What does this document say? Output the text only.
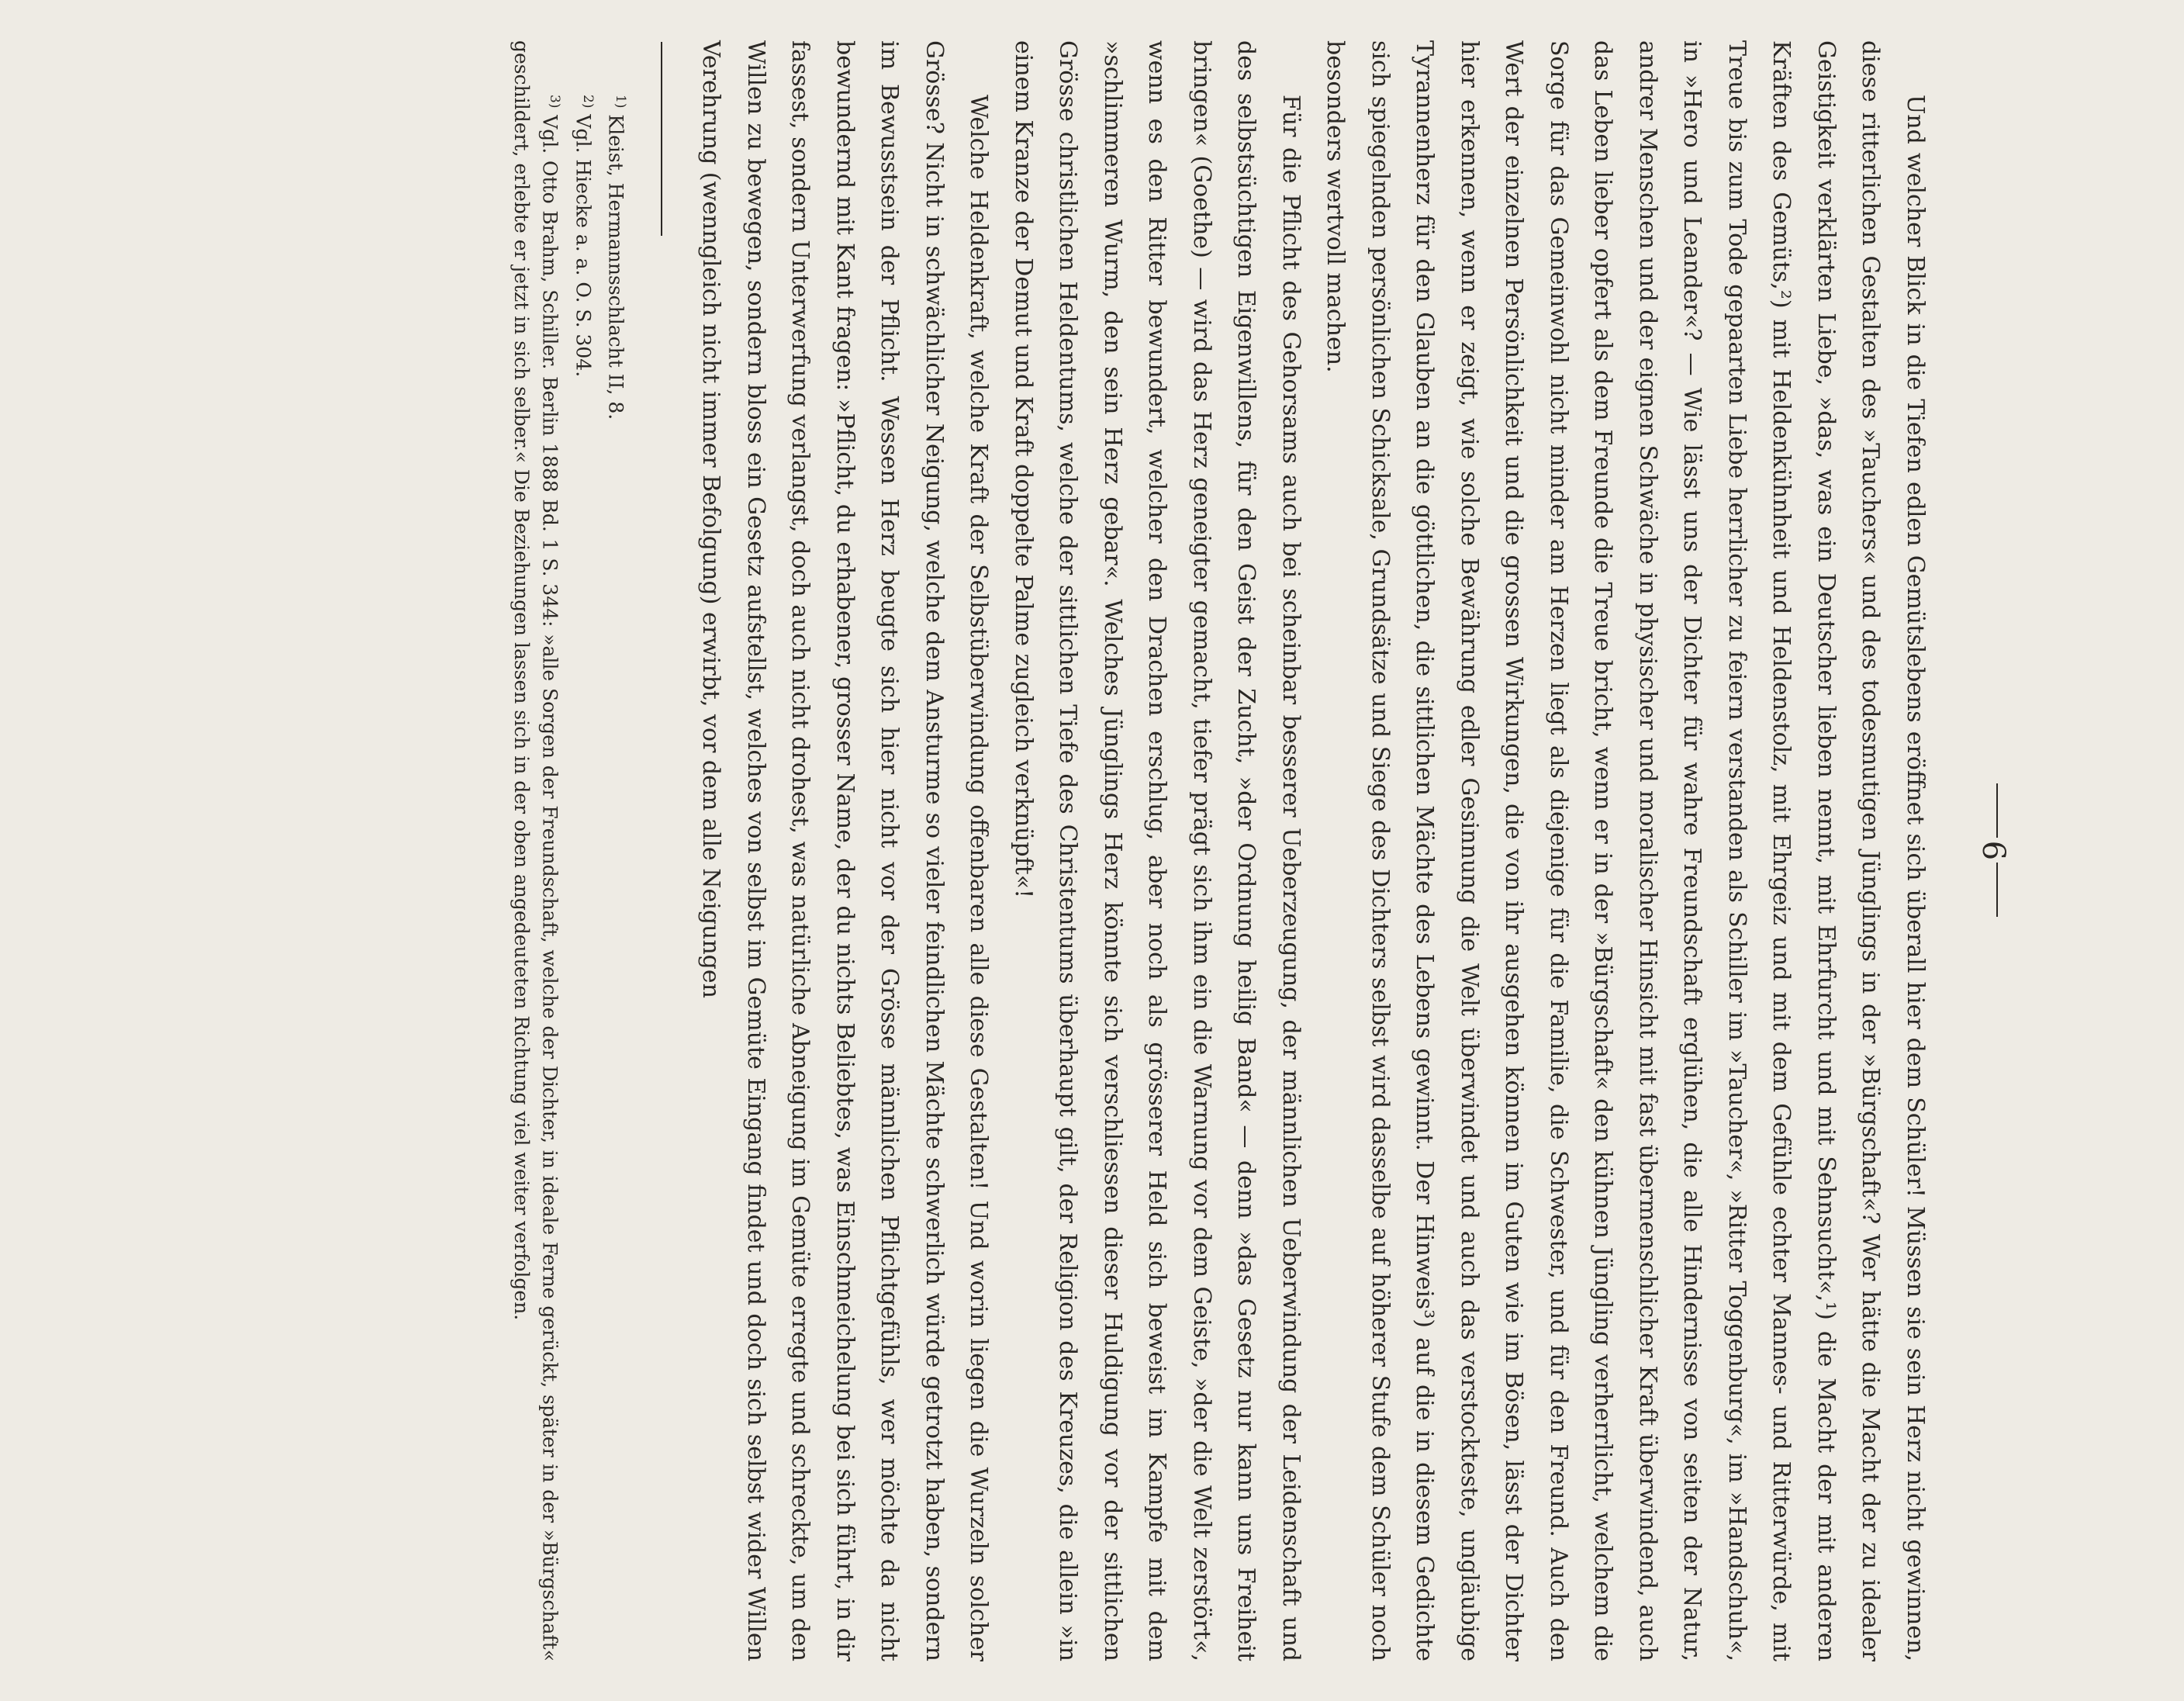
6

Und welcher Blick in die Tiefen edlen Gemütslebens eröffnet sich überall hier dem Schüler! Müssen sie sein Herz nicht gewinnen, diese ritterlichen Gestalten des »Tauchers« und des todesmutigen Jünglings in der »Bürgschaft«? Wer hätte die Macht der zu idealer Geistigkeit verklärten Liebe, »das, was ein Deutscher lieben nennt, mit Ehrfurcht und mit Sehnsucht«,¹) die Macht der mit anderen Kräften des Gemüts,²) mit Heldenkühnheit und Heldenstolz, mit Ehrgeiz und mit dem Gefühle echter Mannes- und Ritterwürde, mit Treue bis zum Tode gepaarten Liebe herrlicher zu feiern verstanden als Schiller im »Taucher«, »Ritter Toggenburg«, im »Handschuh«, in »Hero und Leander«? — Wie lässt uns der Dichter für wahre Freundschaft erglühen, die alle Hindernisse von seiten der Natur, andrer Menschen und der eignen Schwäche in physischer und moralischer Hinsicht mit fast übermenschlicher Kraft überwindend, auch das Leben lieber opfert als dem Freunde die Treue bricht, wenn er in der »Bürgschaft« den kühnen Jüngling verherrlicht, welchem die Sorge für das Gemeinwohl nicht minder am Herzen liegt als diejenige für die Familie, die Schwester, und für den Freund. Auch den Wert der einzelnen Persönlichkeit und die grossen Wirkungen, die von ihr ausgehen können im Guten wie im Bösen, lässt der Dichter hier erkennen, wenn er zeigt, wie solche Bewährung edler Gesinnung die Welt überwindet und auch das verstockteste, ungläubige Tyrannenherz für den Glauben an die göttlichen, die sittlichen Mächte des Lebens gewinnt. Der Hinweis³) auf die in diesem Gedichte sich spiegelnden persönlichen Schicksale, Grundsätze und Siege des Dichters selbst wird dasselbe auf höherer Stufe dem Schüler noch besonders wertvoll machen.

Für die Pflicht des Gehorsams auch bei scheinbar besserer Ueberzeugung, der männlichen Ueberwindung der Leidenschaft und des selbstsüchtigen Eigenwillens, für den Geist der Zucht, »der Ordnung heilig Band« — denn »das Gesetz nur kann uns Freiheit bringen« (Goethe) — wird das Herz geneigter gemacht, tiefer prägt sich ihm ein die Warnung vor dem Geiste, »der die Welt zerstört«, wenn es den Ritter bewundert, welcher den Drachen erschlug, aber noch als grösserer Held sich beweist im Kampfe mit dem »schlimmeren Wurm, den sein Herz gebar«. Welches Jünglings Herz könnte sich verschliessen dieser Huldigung vor der sittlichen Grösse christlichen Heldentums, welche der sittlichen Tiefe des Christentums überhaupt gilt, der Religion des Kreuzes, die allein »in einem Kranze der Demut und Kraft doppelte Palme zugleich verknüpft«!

Welche Heldenkraft, welche Kraft der Selbstüberwindung offenbaren alle diese Gestalten! Und worin liegen die Wurzeln solcher Grösse? Nicht in schwächlicher Neigung, welche dem Ansturme so vieler feindlichen Mächte schwerlich würde getrotzt haben, sondern im Bewusstsein der Pflicht. Wessen Herz beugte sich hier nicht vor der Grösse männlichen Pflichtgefühls, wer möchte da nicht bewundernd mit Kant fragen: »Pflicht, du erhabener, grosser Name, der du nichts Beliebtes, was Einschmeichelung bei sich führt, in dir fassest, sondern Unterwerfung verlangst, doch auch nicht drohest, was natürliche Abneigung im Gemüte erregte und schreckte, um den Willen zu bewegen, sondern bloss ein Gesetz aufstellst, welches von selbst im Gemüte Eingang findet und doch sich selbst wider Willen Verehrung (wenngleich nicht immer Befolgung) erwirbt, vor dem alle Neigungen

$^{1)}$ Kleist, Hermannsschlacht II, 8.

$^{2)}$ Vgl. Hiecke a. a. O. S. 304.

$^{3)}$ Vgl. Otto Brahm, Schiller. Berlin 1888 Bd. 1 S. 344: »alle Sorgen der Freundschaft, welche der Dichter, in ideale Ferne gerückt, später in der »Bürgschaft« geschildert, erlebte er jetzt in sich selber.« Die Beziehungen lassen sich in der oben angedeuteten Richtung viel weiter verfolgen.
